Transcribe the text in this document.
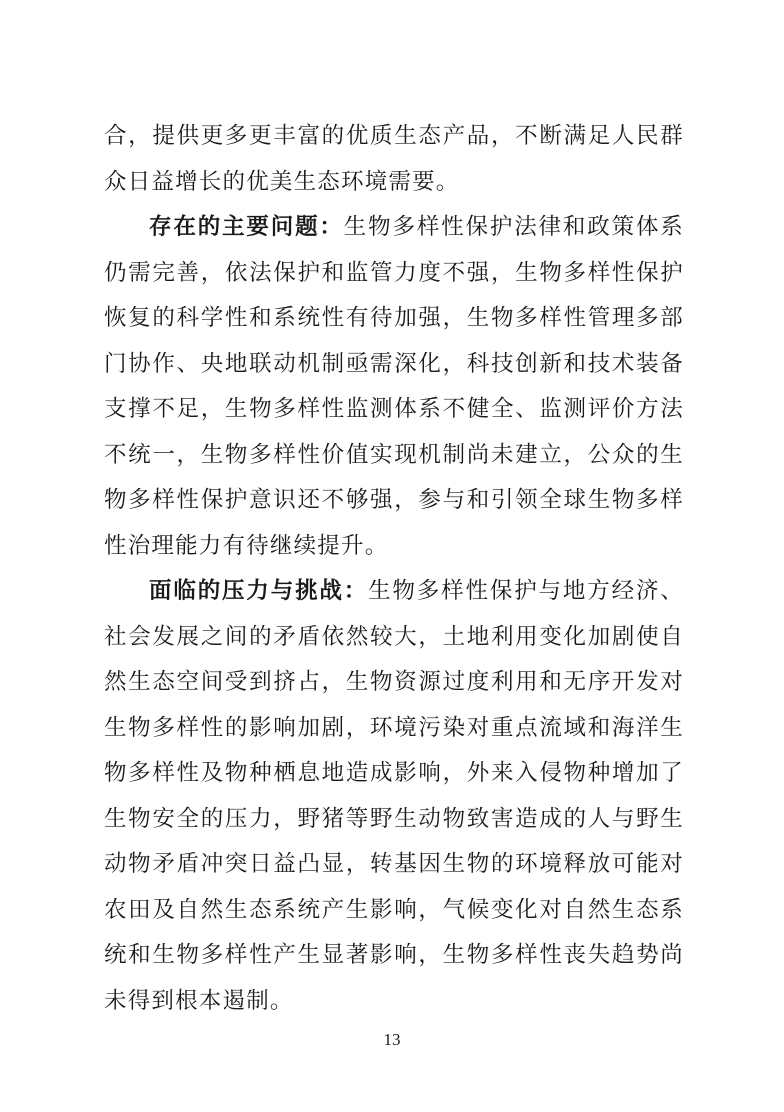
合，提供更多更丰富的优质生态产品，不断满足人民群众日益增长的优美生态环境需要。

存在的主要问题：生物多样性保护法律和政策体系仍需完善，依法保护和监管力度不强，生物多样性保护恢复的科学性和系统性有待加强，生物多样性管理多部门协作、央地联动机制亟需深化，科技创新和技术装备支撑不足，生物多样性监测体系不健全、监测评价方法不统一，生物多样性价值实现机制尚未建立，公众的生物多样性保护意识还不够强，参与和引领全球生物多样性治理能力有待继续提升。

面临的压力与挑战：生物多样性保护与地方经济、社会发展之间的矛盾依然较大，土地利用变化加剧使自然生态空间受到挤占，生物资源过度利用和无序开发对生物多样性的影响加剧，环境污染对重点流域和海洋生物多样性及物种栖息地造成影响，外来入侵物种增加了生物安全的压力，野猪等野生动物致害造成的人与野生动物矛盾冲突日益凸显，转基因生物的环境释放可能对农田及自然生态系统产生影响，气候变化对自然生态系统和生物多样性产生显著影响，生物多样性丧失趋势尚未得到根本遏制。

13
